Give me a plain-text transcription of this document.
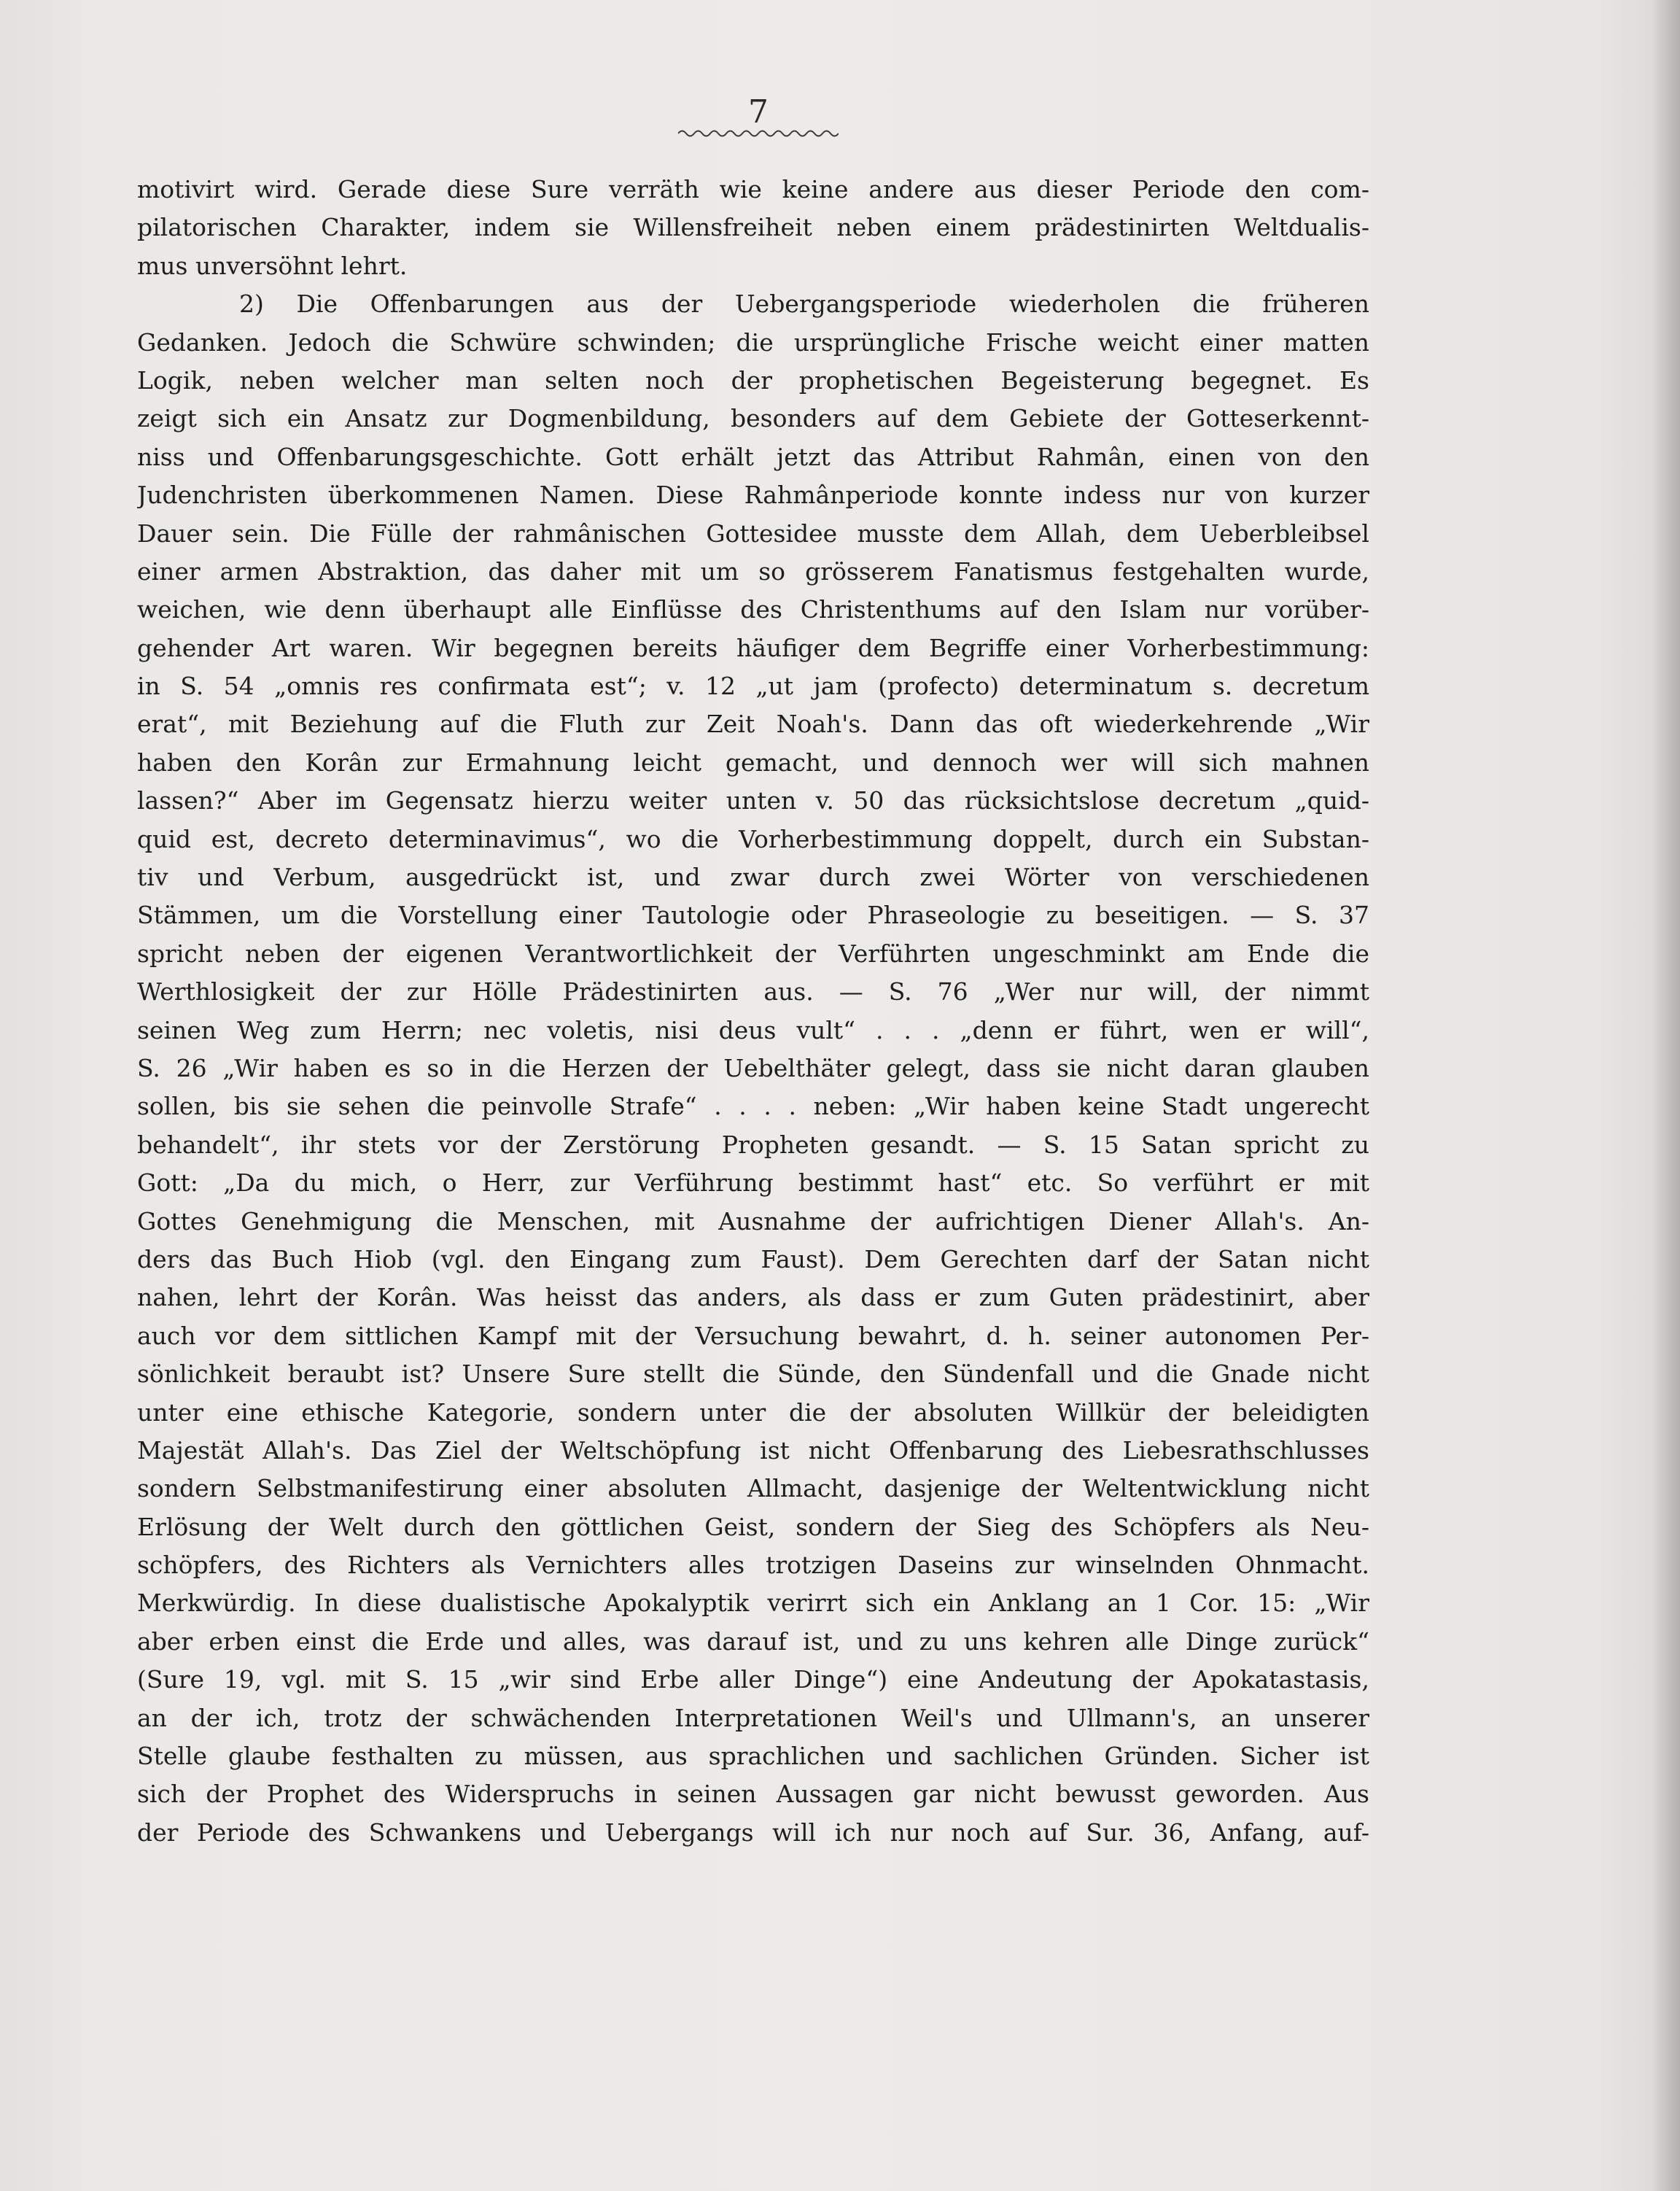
7
motivirt wird. Gerade diese Sure verräth wie keine andere aus dieser Periode den com-
pilatorischen Charakter, indem sie Willensfreiheit neben einem prädestinirten Weltdualis-
mus unversöhnt lehrt.
2) Die Offenbarungen aus der Uebergangsperiode wiederholen die früheren
Gedanken. Jedoch die Schwüre schwinden; die ursprüngliche Frische weicht einer matten
Logik, neben welcher man selten noch der prophetischen Begeisterung begegnet. Es
zeigt sich ein Ansatz zur Dogmenbildung, besonders auf dem Gebiete der Gotteserkennt-
niss und Offenbarungsgeschichte. Gott erhält jetzt das Attribut Rahmân, einen von den
Judenchristen überkommenen Namen. Diese Rahmânperiode konnte indess nur von kurzer
Dauer sein. Die Fülle der rahmânischen Gottesidee musste dem Allah, dem Ueberbleibsel
einer armen Abstraktion, das daher mit um so grösserem Fanatismus festgehalten wurde,
weichen, wie denn überhaupt alle Einflüsse des Christenthums auf den Islam nur vorüber-
gehender Art waren. Wir begegnen bereits häufiger dem Begriffe einer Vorherbestimmung:
in S. 54 „omnis res confirmata est“; v. 12 „ut jam (profecto) determinatum s. decretum
erat“, mit Beziehung auf die Fluth zur Zeit Noah's. Dann das oft wiederkehrende „Wir
haben den Korân zur Ermahnung leicht gemacht, und dennoch wer will sich mahnen
lassen?“ Aber im Gegensatz hierzu weiter unten v. 50 das rücksichtslose decretum „quid-
quid est, decreto determinavimus“, wo die Vorherbestimmung doppelt, durch ein Substan-
tiv und Verbum, ausgedrückt ist, und zwar durch zwei Wörter von verschiedenen
Stämmen, um die Vorstellung einer Tautologie oder Phraseologie zu beseitigen. — S. 37
spricht neben der eigenen Verantwortlichkeit der Verführten ungeschminkt am Ende die
Werthlosigkeit der zur Hölle Prädestinirten aus. — S. 76 „Wer nur will, der nimmt
seinen Weg zum Herrn; nec voletis, nisi deus vult“ . . . „denn er führt, wen er will“,
S. 26 „Wir haben es so in die Herzen der Uebelthäter gelegt, dass sie nicht daran glauben
sollen, bis sie sehen die peinvolle Strafe“ . . . . neben: „Wir haben keine Stadt ungerecht
behandelt“, ihr stets vor der Zerstörung Propheten gesandt. — S. 15 Satan spricht zu
Gott: „Da du mich, o Herr, zur Verführung bestimmt hast“ etc. So verführt er mit
Gottes Genehmigung die Menschen, mit Ausnahme der aufrichtigen Diener Allah's. An-
ders das Buch Hiob (vgl. den Eingang zum Faust). Dem Gerechten darf der Satan nicht
nahen, lehrt der Korân. Was heisst das anders, als dass er zum Guten prädestinirt, aber
auch vor dem sittlichen Kampf mit der Versuchung bewahrt, d. h. seiner autonomen Per-
sönlichkeit beraubt ist? Unsere Sure stellt die Sünde, den Sündenfall und die Gnade nicht
unter eine ethische Kategorie, sondern unter die der absoluten Willkür der beleidigten
Majestät Allah's. Das Ziel der Weltschöpfung ist nicht Offenbarung des Liebesrathschlusses
sondern Selbstmanifestirung einer absoluten Allmacht, dasjenige der Weltentwicklung nicht
Erlösung der Welt durch den göttlichen Geist, sondern der Sieg des Schöpfers als Neu-
schöpfers, des Richters als Vernichters alles trotzigen Daseins zur winselnden Ohnmacht.
Merkwürdig. In diese dualistische Apokalyptik verirrt sich ein Anklang an 1 Cor. 15: „Wir
aber erben einst die Erde und alles, was darauf ist, und zu uns kehren alle Dinge zurück“
(Sure 19, vgl. mit S. 15 „wir sind Erbe aller Dinge“) eine Andeutung der Apokatastasis,
an der ich, trotz der schwächenden Interpretationen Weil's und Ullmann's, an unserer
Stelle glaube festhalten zu müssen, aus sprachlichen und sachlichen Gründen. Sicher ist
sich der Prophet des Widerspruchs in seinen Aussagen gar nicht bewusst geworden. Aus
der Periode des Schwankens und Uebergangs will ich nur noch auf Sur. 36, Anfang, auf-
